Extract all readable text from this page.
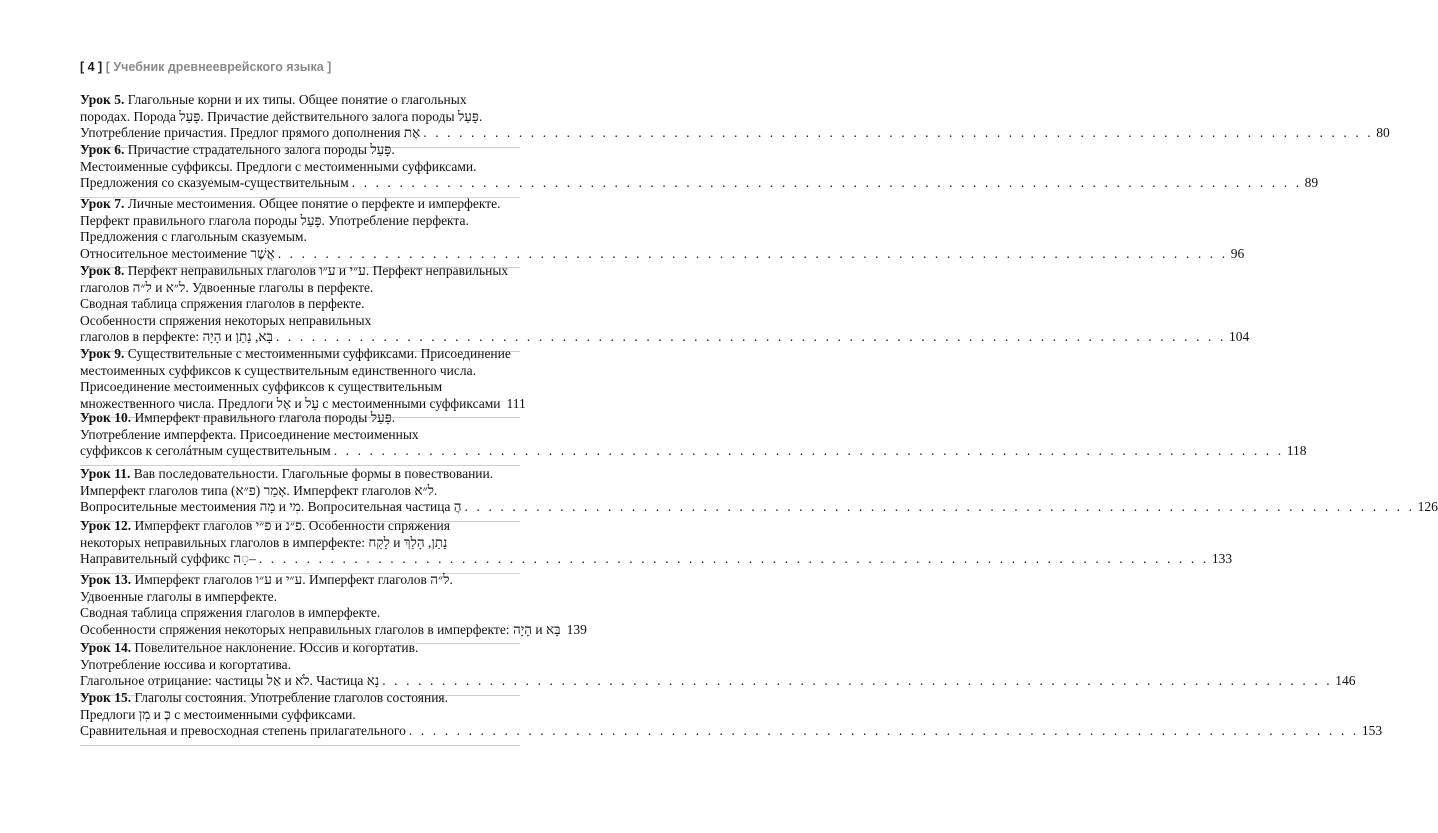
[ 4 ] [ Учебник древнееврейского языка ]
Урок 5. Глагольные корни и их типы. Общее понятие о глагольных
породах. Порода פָּעַל. Причастие действительного залога породы פָּעַל.
Употребление причастия. Предлог прямого дополнения אֶת . . . . . . . . . . . . . . . . . . . . . . . . . . . . . . . . . . . . . . . . . . . . . . . . . . . . . . . . . . . . . . . . . . . . . . . . . . . . . . . . 80
Урок 6. Причастие страдательного залога породы פָּעַל.
Местоименные суффиксы. Предлоги с местоименными суффиксами.
Предложения со сказуемым-существительным . . . . . . . . . . . . . . . . . . . . . . . . . . . . . . . . . . . . . . . . . . . . . . . . . . . . . . . . . . . . . . . . . . . . . . . . . . . . . . . . 89
Урок 7. Личные местоимения. Общее понятие о перфекте и имперфекте.
Перфект правильного глагола породы פָּעַל. Употребление перфекта.
Предложения с глагольным сказуемым.
Относительное местоимение אֲשֶׁר . . . . . . . . . . . . . . . . . . . . . . . . . . . . . . . . . . . . . . . . . . . . . . . . . . . . . . . . . . . . . . . . . . . . . . . . . . . . . . . . 96
Урок 8. Перфект неправильных глаголов ע״ו и ע״י. Перфект неправильных
глаголов ל״ה и ל״א. Удвоенные глаголы в перфекте.
Сводная таблица спряжения глаголов в перфекте.
Особенности спряжения некоторых неправильных
глаголов в перфекте: הָיָה и בָּא, נָתַן . . . . . . . . . . . . . . . . . . . . . . . . . . . . . . . . . . . . . . . . . . . . . . . . . . . . . . . . . . . . . . . . . . . . . . . . . . . . . . . . 104
Урок 9. Существительные с местоименными суффиксами. Присоединение
местоименных суффиксов к существительным единственного числа.
Присоединение местоименных суффиксов к существительным
множественного числа. Предлоги אֶל и עַל с местоименными суффиксами 111
Урок 10. Имперфект правильного глагола породы פָּעַל.
Употребление имперфекта. Присоединение местоименных
суффиксов к сеголáтным существительным . . . . . . . . . . . . . . . . . . . . . . . . . . . . . . . . . . . . . . . . . . . . . . . . . . . . . . . . . . . . . . . . . . . . . . . . . . . . . . . . 118
Урок 11. Вав последовательности. Глагольные формы в повествовании.
Имперфект глаголов типа אָמַר (פ״א). Имперфект глаголов ל״א.
Вопросительные местоимения מָה и מִי. Вопросительная частица הֲ . . . . . . . . . . . . . . . . . . . . . . . . . . . . . . . . . . . . . . . . . . . . . . . . . . . . . . . . . . . . . . . . . . . . . . . . . . . . . . . . 126
Урок 12. Имперфект глаголов פ״י и פ״נ. Особенности спряжения
некоторых неправильных глаголов в имперфекте: לָקַח и נָתַן, הָלַךְ
Направительный суффикс ה◌ָ– . . . . . . . . . . . . . . . . . . . . . . . . . . . . . . . . . . . . . . . . . . . . . . . . . . . . . . . . . . . . . . . . . . . . . . . . . . . . . . . . 133
Урок 13. Имперфект глаголов ע״ו и ע״י. Имперфект глаголов ל״ה.
Удвоенные глаголы в имперфекте.
Сводная таблица спряжения глаголов в имперфекте.
Особенности спряжения некоторых неправильных глаголов в имперфекте: הָיָה и בָּא 139
Урок 14. Повелительное наклонение. Юссив и когортатив.
Употребление юссива и когортатива.
Глагольное отрицание: частицы אַל и לֹא. Частица נָא . . . . . . . . . . . . . . . . . . . . . . . . . . . . . . . . . . . . . . . . . . . . . . . . . . . . . . . . . . . . . . . . . . . . . . . . . . . . . . . . 146
Урок 15. Глаголы состояния. Употребление глаголов состояния.
Предлоги מִן и כְּ с местоименными суффиксами.
Сравнительная и превосходная степень прилагательного . . . . . . . . . . . . . . . . . . . . . . . . . . . . . . . . . . . . . . . . . . . . . . . . . . . . . . . . . . . . . . . . . . . . . . . . . . . . . . . . 153
